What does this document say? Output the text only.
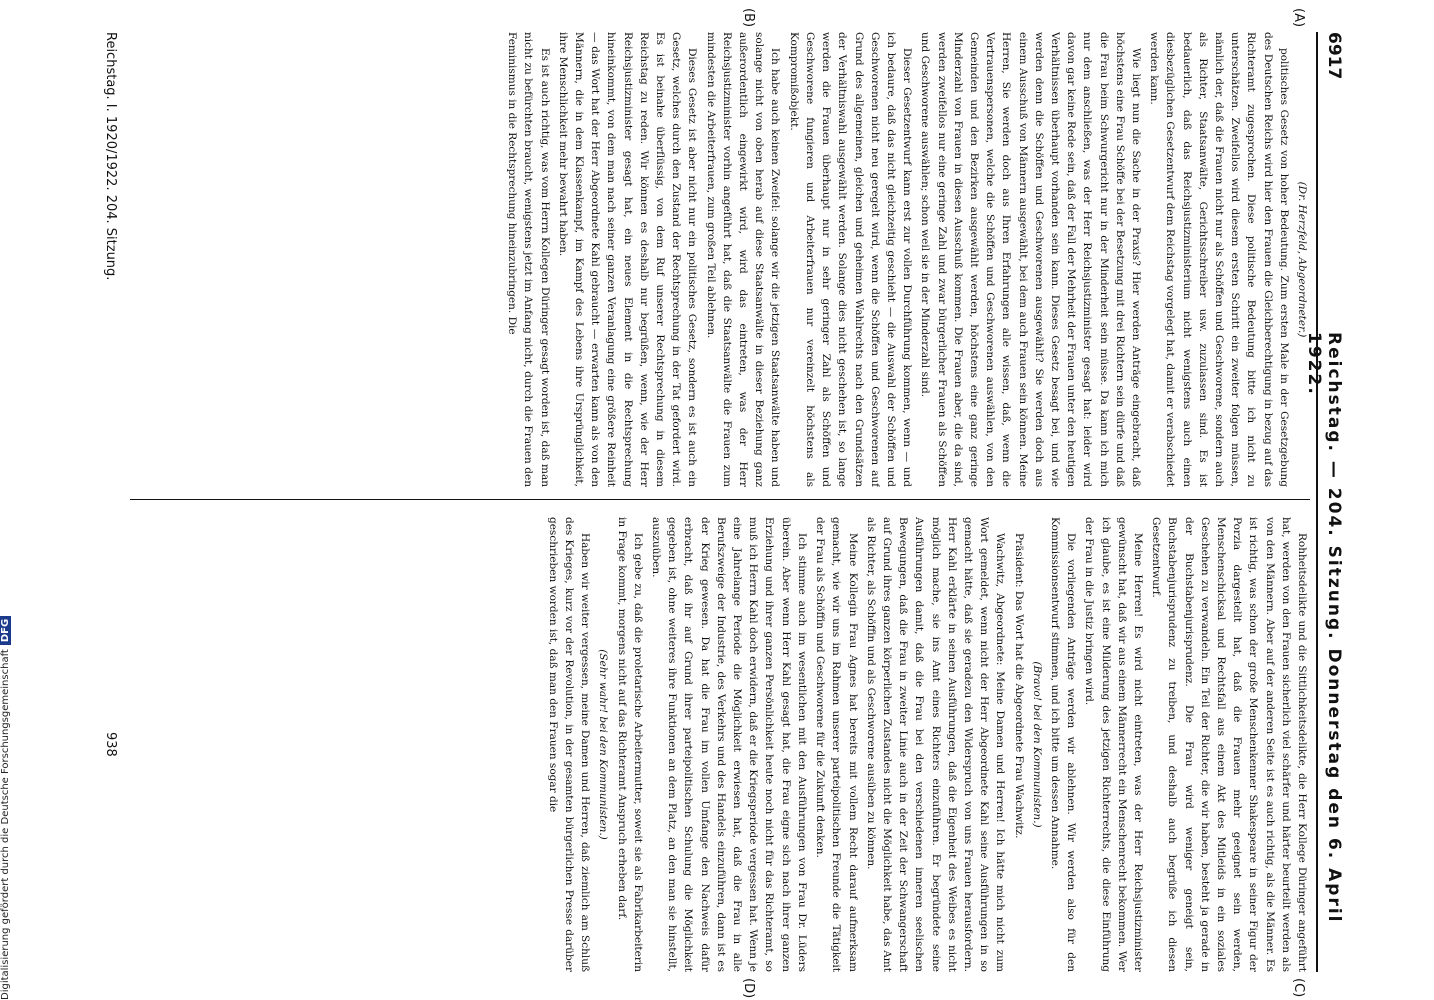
6917
Reichstag. — 204. Sitzung. Donnerstag den 6. April 1922.
(A)
(B)
(C)
(D)

(Dr. Herzfeld, Abgeordneter.)

politisches Gesetz von hoher Bedeutung. Zum ersten Male in der Gesetzgebung des Deutschen Reichs wird hier den Frauen die Gleichberechtigung in bezug auf das Richteramt zugesprochen. Diese politische Bedeutung bitte ich nicht zu unterschätzen. Zweifellos wird diesem ersten Schritt ein zweiter folgen müssen, nämlich der, daß die Frauen nicht nur als Schöffen und Geschworene, sondern auch als Richter, Staatsanwälte, Gerichtsschreiber usw. zuzulassen sind. Es ist bedauerlich, daß das Reichsjustizministerium nicht wenigstens auch einen diesbezüglichen Gesetzentwurf dem Reichstag vorgelegt hat, damit er verabschiedet werden kann.

Wie liegt nun die Sache in der Praxis? Hier werden Anträge eingebracht, daß höchstens eine Frau Schöffe bei der Besetzung mit drei Richtern sein dürfe und daß die Frau beim Schwurgericht nur in der Minderheit sein müsse. Da kann ich mich nur dem anschließen, was der Herr Reichsjustizminister gesagt hat: leider wird davon gar keine Rede sein, daß der Fall der Mehrheit der Frauen unter den heutigen Verhältnissen überhaupt vorhanden sein kann. Dieses Gesetz besagt bei, und wie werden denn die Schöffen und Geschworenen ausgewählt? Sie werden doch aus einem Ausschuß von Männern ausgewählt, bei dem auch Frauen sein können. Meine Herren, Sie werden doch aus Ihren Erfahrungen alle wissen, daß, wenn die Vertrauenspersonen, welche die Schöffen und Geschworenen auswählen, von den Gemeinden und den Bezirken ausgewählt werden, höchstens eine ganz geringe Minderzahl von Frauen in diesen Ausschuß kommen. Die Frauen aber, die da sind, werden zweifellos nur eine geringe Zahl und zwar bürgerlicher Frauen als Schöffen und Geschworene auswählen; schon weil sie in der Minderzahl sind.

Dieser Gesetzentwurf kann erst zur vollen Durchführung kommen, wenn — und ich bedaure, daß das nicht gleichzeitig geschieht — die Auswahl der Schöffen und Geschworenen nicht neu geregelt wird, wenn die Schöffen und Geschworenen auf Grund des allgemeinen, gleichen und geheimen Wahlrechts nach den Grundsätzen der Verhältniswahl ausgewählt werden. Solange dies nicht geschehen ist, so lange werden die Frauen überhaupt nur in sehr geringer Zahl als Schöffen und Geschworene fungieren und Arbeiterfrauen nur vereinzelt höchstens als Kompromißobjekt.

Ich habe auch keinen Zweifel: solange wir die jetzigen Staatsanwälte haben und solange nicht von oben herab auf diese Staatsanwälte in dieser Beziehung ganz außerordentlich eingewirkt wird, wird das eintreten, was der Herr Reichsjustizminister vorhin angeführt hat, daß die Staatsanwälte die Frauen zum mindesten die Arbeiterfrauen, zum großen Teil ablehnen.

Dieses Gesetz ist aber nicht nur ein politisches Gesetz, sondern es ist auch ein Gesetz, welches durch den Zustand der Rechtsprechung in der Tat gefordert wird. Es ist beinahe überflüssig, von dem Ruf unserer Rechtsprechung in diesem Reichstag zu reden. Wir können es deshalb nur begrüßen, wenn, wie der Herr Reichsjustizminister gesagt hat, ein neues Element in die Rechtsprechung hineinkommt, von dem man nach seiner ganzen Veranlagung eine größere Reinheit — das Wort hat der Herr Abgeordnete Kahl gebraucht — erwarten kann als von den Männern, die in dem Klassenkampf, im Kampf des Lebens ihre Ursprünglichkeit, ihre Menschlichkeit mehr bewahrt haben.

Es ist auch richtig, was vom Herrn Kollegen Düringer gesagt worden ist, daß man nicht zu befürchten braucht, wenigstens jetzt im Anfang nicht, durch die Frauen den Feminismus in die Rechtsprechung hineinzubringen. Die

Rohheitsdelikte und die Sittlichkeitsdelikte, die Herr Kollege Düringer angeführt hat, werden von den Frauen sicherlich viel schärfer und härter beurteilt werden als von den Männern. Aber auf der anderen Seite ist es auch richtig, als die Männer. Es ist richtig, was schon der große Menschenkenner Shakespeare in seiner Figur der Porzia dargestellt hat, daß die Frauen mehr geeignet sein werden, Menschenschicksal und Rechtsfall aus einem Akt des Mitleids in ein soziales Geschehen zu verwandeln. Ein Teil der Richter, die wir haben, besteht ja gerade in der Buchstabenjurisprudenz. Die Frau wird weniger geneigt sein, Buchstabenjurisprudenz zu treiben, und deshalb auch begrüße ich diesen Gesetzentwurf.

Meine Herren! Es wird nicht eintreten, was der Herr Reichsjustizminister gewünscht hat, daß wir aus einem Männerrecht ein Menschenrecht bekommen. Wer ich glaube, es ist eine Milderung des jetzigen Richterrechts, die diese Einführung der Frau in die Justiz bringen wird.

Die vorliegenden Anträge werden wir ablehnen. Wir werden also für den Kommissionsentwurf stimmen, und ich bitte um dessen Annahme.

(Bravo! bei den Kommunisten.)

Präsident: Das Wort hat die Abgeordnete Frau Wachwitz.

Wachwitz, Abgeordnete: Meine Damen und Herren! Ich hätte mich nicht zum Wort gemeldet, wenn nicht der Herr Abgeordnete Kahl seine Ausführungen in so gemacht hätte, daß sie geradezu den Widerspruch von uns Frauen herausfordern. Herr Kahl erklärte in seinen Ausführungen, daß die Eigenheit des Weibes es nicht möglich mache, sie ins Amt eines Richters einzuführen. Er begründete seine Ausführungen damit, daß die Frau bei den verschiedenen inneren seelischen Bewegungen, daß die Frau in zweiter Linie auch in der Zeit der Schwangerschaft auf Grund ihres ganzen körperlichen Zustandes nicht die Möglichkeit habe, das Amt als Richter, als Schöffin und als Geschworene ausüben zu können.

Meine Kollegin Frau Agnes hat bereits mit vollem Recht darauf aufmerksam gemacht, wie wir uns im Rahmen unserer parteipolitischen Freunde die Tätigkeit der Frau als Schöffin und Geschworene für die Zukunft denken.

Ich stimme auch im wesentlichen mit den Ausführungen von Frau Dr. Lüders überein. Aber wenn Herr Kahl gesagt hat, die Frau eigne sich nach ihrer ganzen Erziehung und ihrer ganzen Persönlichkeit heute noch nicht für das Richteramt, so muß ich Herrn Kahl doch erwidern, daß er die Kriegsperiode vergessen hat. Wenn je eine Jahrelange Periode die Möglichkeit erwiesen hat, daß die Frau in alle Berufszweige der Industrie, des Verkehrs und des Handels einzuführen, dann ist es der Krieg gewesen. Da hat die Frau im vollen Umfange den Nachweis dafür erbracht, daß ihr auf Grund ihrer parteipolitischen Schulung die Möglichkeit gegeben ist, ohne weiteres ihre Funktionen an dem Platz, an den man sie hinstellt, auszuüben.

Ich gebe zu, daß die proletarische Arbeitermutter, soweit sie als Fabrikarbeiterin in Frage kommt, morgens nicht auf das Richteramt Anspruch erheben darf.

(Sehr wahr! bei den Kommunisten.)

Haben wir weiter vergessen, meine Damen und Herren, daß ziemlich am Schluß des Krieges, kurz vor der Revolution, in der gesamten bürgerlichen Presse darüber geschrieben worden ist, daß man den Frauen sogar die

Reichstag. I. 1920/1922. 204. Sitzung.
938
Digitalisierung gefördert durch die Deutsche ForschungsgemeinschaftDFG
